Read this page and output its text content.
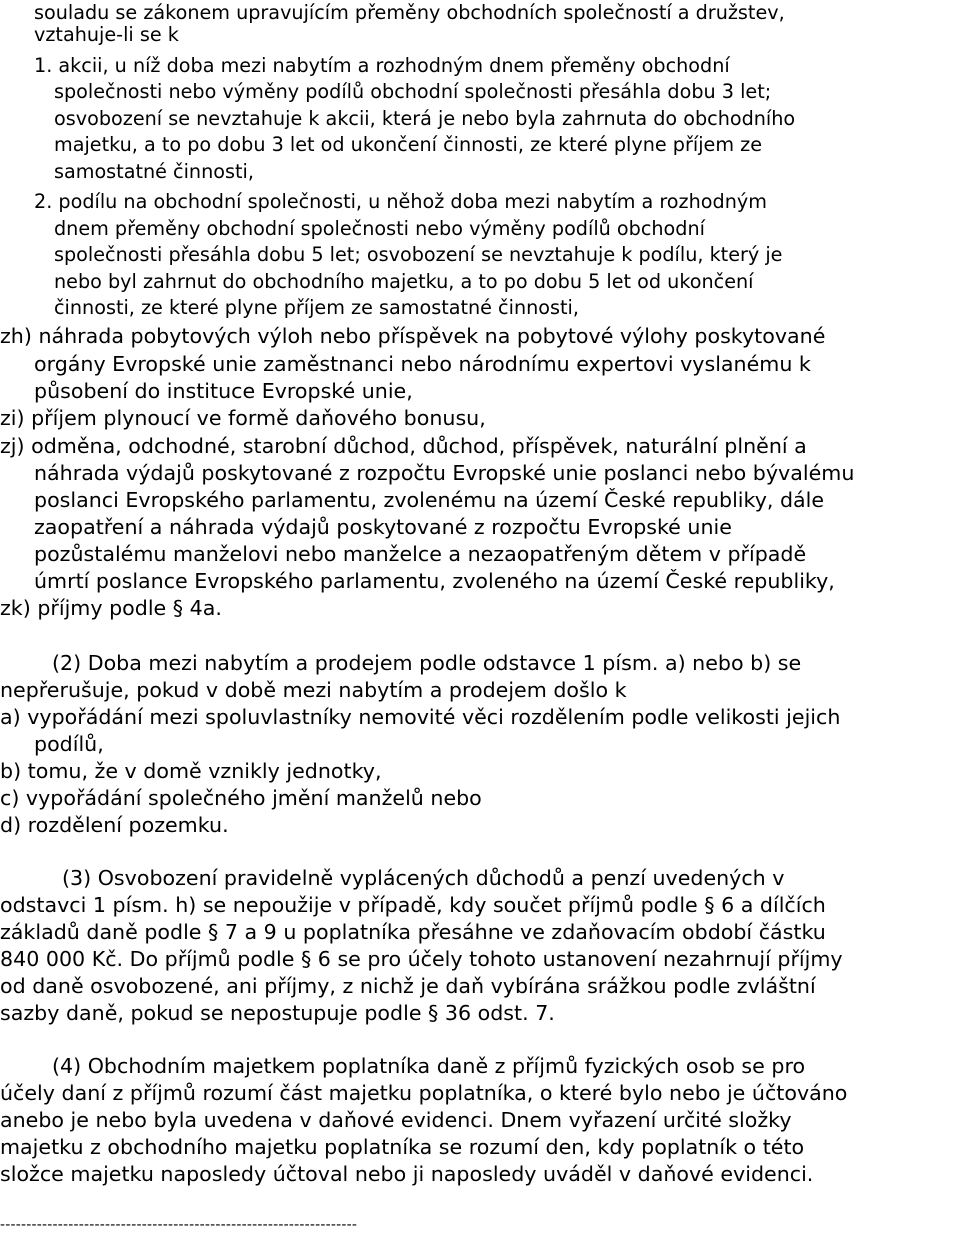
souladu se zákonem upravujícím přeměny obchodních společností a družstev,
vztahuje-li se k
1. akcii, u níž doba mezi nabytím a rozhodným dnem přeměny obchodní
společnosti nebo výměny podílů obchodní společnosti přesáhla dobu 3 let;
osvobození se nevztahuje k akcii, která je nebo byla zahrnuta do obchodního
majetku, a to po dobu 3 let od ukončení činnosti, ze které plyne příjem ze
samostatné činnosti,
2. podílu na obchodní společnosti, u něhož doba mezi nabytím a rozhodným
dnem přeměny obchodní společnosti nebo výměny podílů obchodní
společnosti přesáhla dobu 5 let; osvobození se nevztahuje k podílu, který je
nebo byl zahrnut do obchodního majetku, a to po dobu 5 let od ukončení
činnosti, ze které plyne příjem ze samostatné činnosti,
zh) náhrada pobytových výloh nebo příspěvek na pobytové výlohy poskytované
orgány Evropské unie zaměstnanci nebo národnímu expertovi vyslanému k
působení do instituce Evropské unie,
zi) příjem plynoucí ve formě daňového bonusu,
zj) odměna, odchodné, starobní důchod, důchod, příspěvek, naturální plnění a
náhrada výdajů poskytované z rozpočtu Evropské unie poslanci nebo bývalému
poslanci Evropského parlamentu, zvolenému na území České republiky, dále
zaopatření a náhrada výdajů poskytované z rozpočtu Evropské unie
pozůstalému manželovi nebo manželce a nezaopatřeným dětem v případě
úmrtí poslance Evropského parlamentu, zvoleného na území České republiky,
zk) příjmy podle § 4a.
(2) Doba mezi nabytím a prodejem podle odstavce 1 písm. a) nebo b) se
nepřerušuje, pokud v době mezi nabytím a prodejem došlo k
a) vypořádání mezi spoluvlastníky nemovité věci rozdělením podle velikosti jejich
podílů,
b) tomu, že v domě vznikly jednotky,
c) vypořádání společného jmění manželů nebo
d) rozdělení pozemku.
(3) Osvobození pravidelně vyplácených důchodů a penzí uvedených v
odstavci 1 písm. h) se nepoužije v případě, kdy součet příjmů podle § 6 a dílčích
základů daně podle § 7 a 9 u poplatníka přesáhne ve zdaňovacím období částku
840 000 Kč. Do příjmů podle § 6 se pro účely tohoto ustanovení nezahrnují příjmy
od daně osvobozené, ani příjmy, z nichž je daň vybírána srážkou podle zvláštní
sazby daně, pokud se nepostupuje podle § 36 odst. 7.
(4) Obchodním majetkem poplatníka daně z příjmů fyzických osob se pro
účely daní z příjmů rozumí část majetku poplatníka, o které bylo nebo je účtováno
anebo je nebo byla uvedena v daňové evidenci. Dnem vyřazení určité složky
majetku z obchodního majetku poplatníka se rozumí den, kdy poplatník o této
složce majetku naposledy účtoval nebo ji naposledy uváděl v daňové evidenci.
--------------------------------------------------------------------
